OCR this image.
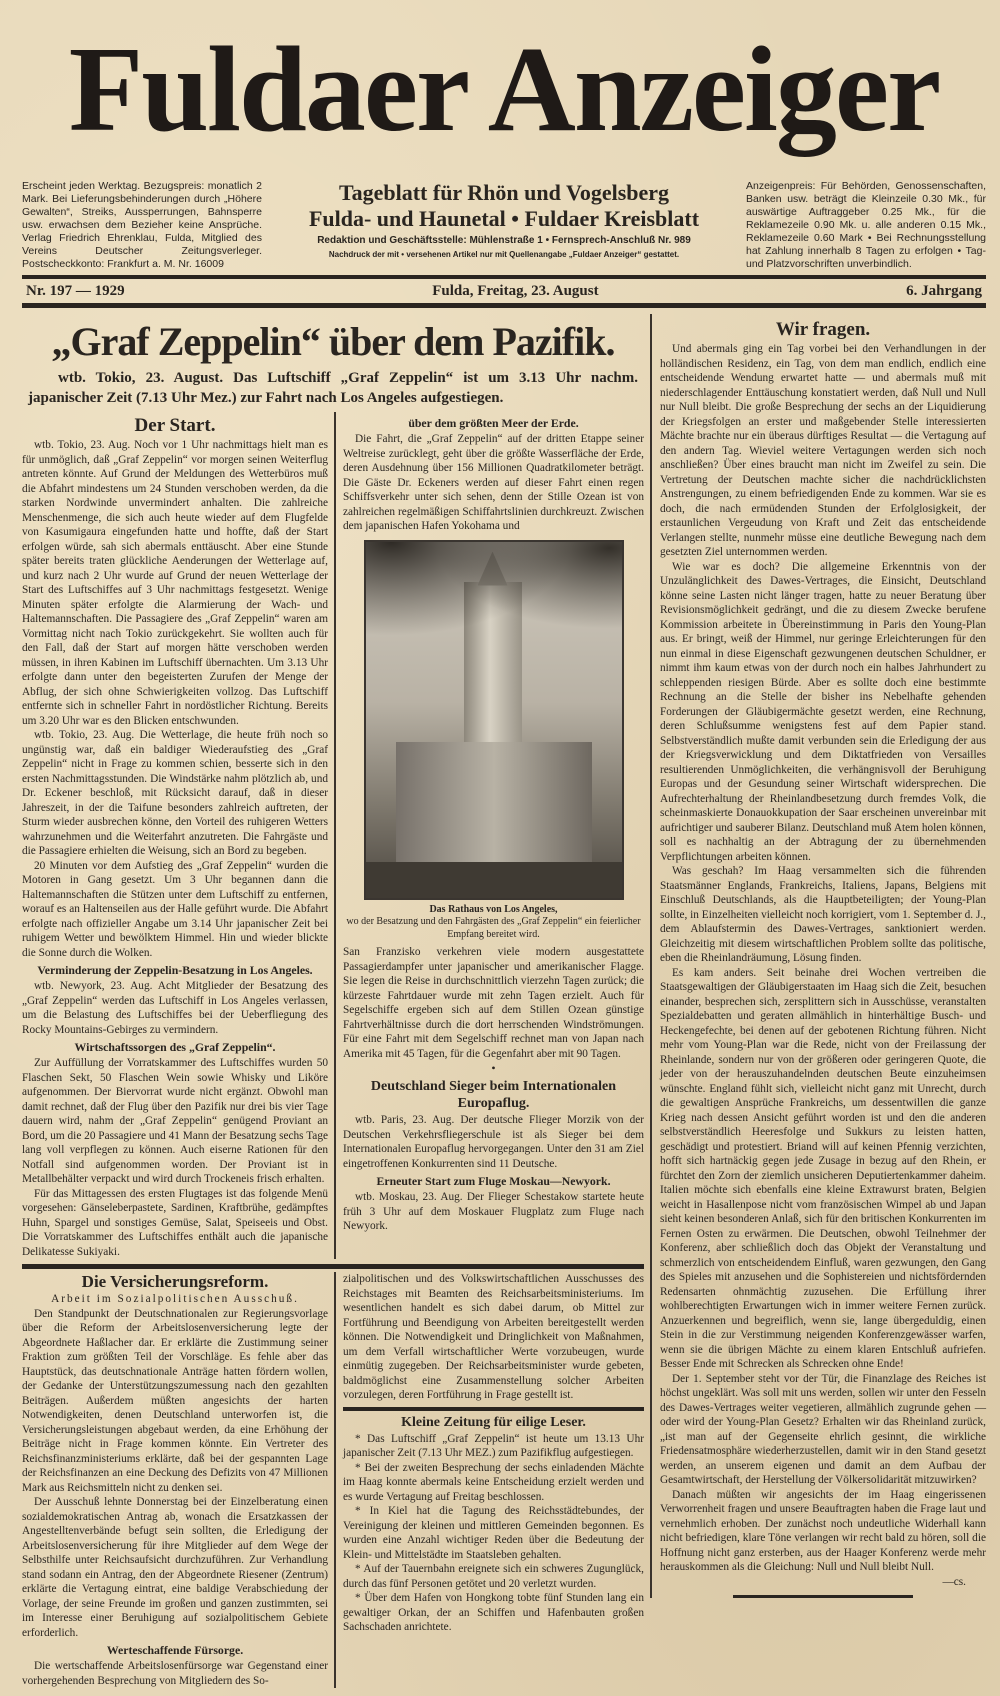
Fuldaer Anzeiger
Erscheint jeden Werktag. Bezugspreis: monatlich 2 Mark. Bei Lieferungsbehinderungen durch „Höhere Gewalten“, Streiks, Aussperrungen, Bahnsperre usw. erwachsen dem Bezieher keine Ansprüche. Verlag Friedrich Ehrenklau, Fulda, Mitglied des Vereins Deutscher Zeitungsverleger. Postscheckkonto: Frankfurt a. M. Nr. 16009
Tageblatt für Rhön und Vogelsberg
Fulda- und Haunetal • Fuldaer Kreisblatt
Redaktion und Geschäftsstelle: Mühlenstraße 1 • Fernsprech-Anschluß Nr. 989
Nachdruck der mit • versehenen Artikel nur mit Quellenangabe „Fuldaer Anzeiger“ gestattet.
Anzeigenpreis: Für Behörden, Genossenschaften, Banken usw. beträgt die Kleinzeile 0.30 Mk., für auswärtige Auftraggeber 0.25 Mk., für die Reklamezeile 0.90 Mk. u. alle anderen 0.15 Mk., Reklamezeile 0.60 Mark • Bei Rechnungsstellung hat Zahlung innerhalb 8 Tagen zu erfolgen • Tag- und Platzvorschriften unverbindlich.
Nr. 197 — 1929	Fulda, Freitag, 23. August	6. Jahrgang
„Graf Zeppelin“ über dem Pazifik.
wtb. Tokio, 23. August. Das Luftschiff „Graf Zeppelin“ ist um 3.13 Uhr nachm. japanischer Zeit (7.13 Uhr Mez.) zur Fahrt nach Los Angeles aufgestiegen.
Der Start.

wtb. Tokio, 23. Aug. Noch vor 1 Uhr nachmittags hielt man es für unmöglich, daß „Graf Zeppelin“ vor morgen seinen Weiterflug antreten könnte. Auf Grund der Meldungen des Wetterbüros muß die Abfahrt mindestens um 24 Stunden verschoben werden, da die starken Nordwinde unvermindert anhalten. Die zahlreiche Menschenmenge, die sich auch heute wieder auf dem Flugfelde von Kasumigaura eingefunden hatte und hoffte, daß der Start erfolgen würde, sah sich abermals enttäuscht. Aber eine Stunde später bereits traten glückliche Aenderungen der Wetterlage auf, und kurz nach 2 Uhr wurde auf Grund der neuen Wetterlage der Start des Luftschiffes auf 3 Uhr nachmittags festgesetzt. Wenige Minuten später erfolgte die Alarmierung der Wach- und Haltemannschaften. Die Passagiere des „Graf Zeppelin“ waren am Vormittag nicht nach Tokio zurückgekehrt. Sie wollten auch für den Fall, daß der Start auf morgen hätte verschoben werden müssen, in ihren Kabinen im Luftschiff übernachten. Um 3.13 Uhr erfolgte dann unter den begeisterten Zurufen der Menge der Abflug, der sich ohne Schwierigkeiten vollzog. Das Luftschiff entfernte sich in schneller Fahrt in nordöstlicher Richtung. Bereits um 3.20 Uhr war es den Blicken entschwunden.

wtb. Tokio, 23. Aug. Die Wetterlage, die heute früh noch so ungünstig war, daß ein baldiger Wiederaufstieg des „Graf Zeppelin“ nicht in Frage zu kommen schien, besserte sich in den ersten Nachmittagsstunden. Die Windstärke nahm plötzlich ab, und Dr. Eckener beschloß, mit Rücksicht darauf, daß in dieser Jahreszeit, in der die Taifune besonders zahlreich auftreten, der Sturm wieder ausbrechen könne, den Vorteil des ruhigeren Wetters wahrzunehmen und die Weiterfahrt anzutreten. Die Fahrgäste und die Passagiere erhielten die Weisung, sich an Bord zu begeben.

20 Minuten vor dem Aufstieg des „Graf Zeppelin“ wurden die Motoren in Gang gesetzt. Um 3 Uhr begannen dann die Haltemannschaften die Stützen unter dem Luftschiff zu entfernen, worauf es an Haltenseilen aus der Halle geführt wurde. Die Abfahrt erfolgte nach offizieller Angabe um 3.14 Uhr japanischer Zeit bei ruhigem Wetter und bewölktem Himmel. Hin und wieder blickte die Sonne durch die Wolken.

Verminderung der Zeppelin-Besatzung in Los Angeles.

wtb. Newyork, 23. Aug. Acht Mitglieder der Besatzung des „Graf Zeppelin“ werden das Luftschiff in Los Angeles verlassen, um die Belastung des Luftschiffes bei der Ueberfliegung des Rocky Mountains-Gebirges zu vermindern.

Wirtschaftssorgen des „Graf Zeppelin“.

Zur Auffüllung der Vorratskammer des Luftschiffes wurden 50 Flaschen Sekt, 50 Flaschen Wein sowie Whisky und Liköre aufgenommen. Der Biervorrat wurde nicht ergänzt. Obwohl man damit rechnet, daß der Flug über den Pazifik nur drei bis vier Tage dauern wird, nahm der „Graf Zeppelin“ genügend Proviant an Bord, um die 20 Passagiere und 41 Mann der Besatzung sechs Tage lang voll verpflegen zu können. Auch eiserne Rationen für den Notfall sind aufgenommen worden. Der Proviant ist in Metallbehälter verpackt und wird durch Trockeneis frisch erhalten.

Für das Mittagessen des ersten Flugtages ist das folgende Menü vorgesehen: Gänseleberpastete, Sardinen, Kraftbrühe, gedämpftes Huhn, Spargel und sonstiges Gemüse, Salat, Speiseeis und Obst. Die Vorratskammer des Luftschiffes enthält auch die japanische Delikatesse Sukiyaki.

über dem größten Meer der Erde.

Die Fahrt, die „Graf Zeppelin“ auf der dritten Etappe seiner Weltreise zurücklegt, geht über die größte Wasserfläche der Erde, deren Ausdehnung über 156 Millionen Quadratkilometer beträgt. Die Gäste Dr. Eckeners werden auf dieser Fahrt einen regen Schiffsverkehr unter sich sehen, denn der Stille Ozean ist von zahlreichen regelmäßigen Schiffahrtslinien durchkreuzt. Zwischen dem japanischen Hafen Yokohama und

Das Rathaus von Los Angeles,
wo der Besatzung und den Fahrgästen des „Graf Zeppelin“ ein feierlicher Empfang bereitet wird.

San Franzisko verkehren viele modern ausgestattete Passagierdampfer unter japanischer und amerikanischer Flagge. Sie legen die Reise in durchschnittlich vierzehn Tagen zurück; die kürzeste Fahrtdauer wurde mit zehn Tagen erzielt. Auch für Segelschiffe ergeben sich auf dem Stillen Ozean günstige Fahrtverhältnisse durch die dort herrschenden Windströmungen. Für eine Fahrt mit dem Segelschiff rechnet man von Japan nach Amerika mit 45 Tagen, für die Gegenfahrt aber mit 90 Tagen.

•
Deutschland Sieger beim Internationalen Europaflug.

wtb. Paris, 23. Aug. Der deutsche Flieger Morzik von der Deutschen Verkehrsfliegerschule ist als Sieger bei dem Internationalen Europaflug hervorgegangen. Unter den 31 am Ziel eingetroffenen Konkurrenten sind 11 Deutsche.

Erneuter Start zum Fluge Moskau—Newyork.

wtb. Moskau, 23. Aug. Der Flieger Schestakow startete heute früh 3 Uhr auf dem Moskauer Flugplatz zum Fluge nach Newyork.

Die Versicherungsreform.
Arbeit im Sozialpolitischen Ausschuß.

Den Standpunkt der Deutschnationalen zur Regierungsvorlage über die Reform der Arbeitslosenversicherung legte der Abgeordnete Haßlacher dar. Er erklärte die Zustimmung seiner Fraktion zum größten Teil der Vorschläge. Es fehle aber das Hauptstück, das deutschnationale Anträge hatten fördern wollen, der Gedanke der Unterstützungszumessung nach den gezahlten Beiträgen. Außerdem müßten angesichts der harten Notwendigkeiten, denen Deutschland unterworfen ist, die Versicherungsleistungen abgebaut werden, da eine Erhöhung der Beiträge nicht in Frage kommen könnte. Ein Vertreter des Reichsfinanzministeriums erklärte, daß bei der gespannten Lage der Reichsfinanzen an eine Deckung des Defizits von 47 Millionen Mark aus Reichsmitteln nicht zu denken sei.

Der Ausschuß lehnte Donnerstag bei der Einzelberatung einen sozialdemokratischen Antrag ab, wonach die Ersatzkassen der Angestelltenverbände befugt sein sollten, die Erledigung der Arbeitslosenversicherung für ihre Mitglieder auf dem Wege der Selbsthilfe unter Reichsaufsicht durchzuführen. Zur Verhandlung stand sodann ein Antrag, den der Abgeordnete Riesener (Zentrum) erklärte die Vertagung eintrat, eine baldige Verabschiedung der Vorlage, der seine Freunde im großen und ganzen zustimmten, sei im Interesse einer Beruhigung auf sozialpolitischem Gebiete erforderlich.

Werteschaffende Fürsorge.

Die wertschaffende Arbeitslosenfürsorge war Gegenstand einer vorhergehenden Besprechung von Mitgliedern des So-

zialpolitischen und des Volkswirtschaftlichen Ausschusses des Reichstages mit Beamten des Reichsarbeitsministeriums. Im wesentlichen handelt es sich dabei darum, ob Mittel zur Fortführung und Beendigung von Arbeiten bereitgestellt werden können. Die Notwendigkeit und Dringlichkeit von Maßnahmen, um dem Verfall wirtschaftlicher Werte vorzubeugen, wurde einmütig zugegeben. Der Reichsarbeitsminister wurde gebeten, baldmöglichst eine Zusammenstellung solcher Arbeiten vorzulegen, deren Fortführung in Frage gestellt ist.

Kleine Zeitung für eilige Leser.

* Das Luftschiff „Graf Zeppelin“ ist heute um 13.13 Uhr japanischer Zeit (7.13 Uhr MEZ.) zum Pazifikflug aufgestiegen.

* Bei der zweiten Besprechung der sechs einladenden Mächte im Haag konnte abermals keine Entscheidung erzielt werden und es wurde Vertagung auf Freitag beschlossen.

* In Kiel hat die Tagung des Reichsstädtebundes, der Vereinigung der kleinen und mittleren Gemeinden begonnen. Es wurden eine Anzahl wichtiger Reden über die Bedeutung der Klein- und Mittelstädte im Staatsleben gehalten.

* Auf der Tauernbahn ereignete sich ein schweres Zugunglück, durch das fünf Personen getötet und 20 verletzt wurden.

* Über dem Hafen von Hongkong tobte fünf Stunden lang ein gewaltiger Orkan, der an Schiffen und Hafenbauten großen Sachschaden anrichtete.

Wir fragen.

Und abermals ging ein Tag vorbei bei den Verhandlungen in der holländischen Residenz, ein Tag, von dem man endlich, endlich eine entscheidende Wendung erwartet hatte — und abermals muß mit niederschlagender Enttäuschung konstatiert werden, daß Null und Null nur Null bleibt. Die große Besprechung der sechs an der Liquidierung der Kriegsfolgen an erster und maßgebender Stelle interessierten Mächte brachte nur ein überaus dürftiges Resultat — die Vertagung auf den andern Tag. Wieviel weitere Vertagungen werden sich noch anschließen? Über eines braucht man nicht im Zweifel zu sein. Die Vertretung der Deutschen machte sicher die nachdrücklichsten Anstrengungen, zu einem befriedigenden Ende zu kommen. War sie es doch, die nach ermüdenden Stunden der Erfolglosigkeit, der erstaunlichen Vergeudung von Kraft und Zeit das entscheidende Verlangen stellte, nunmehr müsse eine deutliche Bewegung nach dem gesetzten Ziel unternommen werden.

Wie war es doch? Die allgemeine Erkenntnis von der Unzulänglichkeit des Dawes-Vertrages, die Einsicht, Deutschland könne seine Lasten nicht länger tragen, hatte zu neuer Beratung über Revisionsmöglichkeit gedrängt, und die zu diesem Zwecke berufene Kommission arbeitete in Übereinstimmung in Paris den Young-Plan aus. Er bringt, weiß der Himmel, nur geringe Erleichterungen für den nun einmal in diese Eigenschaft gezwungenen deutschen Schuldner, er nimmt ihm kaum etwas von der durch noch ein halbes Jahrhundert zu schleppenden riesigen Bürde. Aber es sollte doch eine bestimmte Rechnung an die Stelle der bisher ins Nebelhafte gehenden Forderungen der Gläubigermächte gesetzt werden, eine Rechnung, deren Schlußsumme wenigstens fest auf dem Papier stand. Selbstverständlich mußte damit verbunden sein die Erledigung der aus der Kriegsverwicklung und dem Diktatfrieden von Versailles resultierenden Unmöglichkeiten, die verhängnisvoll der Beruhigung Europas und der Gesundung seiner Wirtschaft widersprechen. Die Aufrechterhaltung der Rheinlandbesetzung durch fremdes Volk, die scheinmaskierte Donauokkupation der Saar erscheinen unvereinbar mit aufrichtiger und sauberer Bilanz. Deutschland muß Atem holen können, soll es nachhaltig an der Abtragung der zu übernehmenden Verpflichtungen arbeiten können.

Was geschah? Im Haag versammelten sich die führenden Staatsmänner Englands, Frankreichs, Italiens, Japans, Belgiens mit Einschluß Deutschlands, als die Hauptbeteiligten; der Young-Plan sollte, in Einzelheiten vielleicht noch korrigiert, vom 1. September d. J., dem Ablaufstermin des Dawes-Vertrages, sanktioniert werden. Gleichzeitig mit diesem wirtschaftlichen Problem sollte das politische, eben die Rheinlandräumung, Lösung finden.

Es kam anders. Seit beinahe drei Wochen vertreiben die Staatsgewaltigen der Gläubigerstaaten im Haag sich die Zeit, besuchen einander, besprechen sich, zersplittern sich in Ausschüsse, veranstalten Spezialdebatten und geraten allmählich in hinterhältige Busch- und Heckengefechte, bei denen auf der gebotenen Richtung führen. Nicht mehr vom Young-Plan war die Rede, nicht von der Freilassung der Rheinlande, sondern nur von der größeren oder geringeren Quote, die jeder von der herauszuhandelnden deutschen Beute einzuheimsen wünschte. England fühlt sich, vielleicht nicht ganz mit Unrecht, durch die gewaltigen Ansprüche Frankreichs, um dessentwillen die ganze Krieg nach dessen Ansicht geführt worden ist und den die anderen selbstverständlich Heeresfolge und Sukkurs zu leisten hatten, geschädigt und protestiert. Briand will auf keinen Pfennig verzichten, hofft sich hartnäckig gegen jede Zusage in bezug auf den Rhein, er fürchtet den Zorn der ziemlich unsicheren Deputiertenkammer daheim. Italien möchte sich ebenfalls eine kleine Extrawurst braten, Belgien weicht in Hasallenpose nicht vom französischen Wimpel ab und Japan sieht keinen besonderen Anlaß, sich für den britischen Konkurrenten im Fernen Osten zu erwärmen. Die Deutschen, obwohl Teilnehmer der Konferenz, aber schließlich doch das Objekt der Veranstaltung und schmerzlich von entscheidendem Einfluß, waren gezwungen, den Gang des Spieles mit anzusehen und die Sophistereien und nichtsfördernden Redensarten ohnmächtig zuzusehen. Die Erfüllung ihrer wohlberechtigten Erwartungen wich in immer weitere Fernen zurück. Anzuerkennen und begreiflich, wenn sie, lange übergeduldig, einen Stein in die zur Verstimmung neigenden Konferenzgewässer warfen, wenn sie die übrigen Mächte zu einem klaren Entschluß aufriefen. Besser Ende mit Schrecken als Schrecken ohne Ende!

Der 1. September steht vor der Tür, die Finanzlage des Reiches ist höchst ungeklärt. Was soll mit uns werden, sollen wir unter den Fesseln des Dawes-Vertrages weiter vegetieren, allmählich zugrunde gehen — oder wird der Young-Plan Gesetz? Erhalten wir das Rheinland zurück, „ist man auf der Gegenseite ehrlich gesinnt, die wirkliche Friedensatmosphäre wiederherzustellen, damit wir in den Stand gesetzt werden, an unserem eigenen und damit an dem Aufbau der Gesamtwirtschaft, der Herstellung der Völkersolidarität mitzuwirken?

Danach müßten wir angesichts der im Haag eingerissenen Verworrenheit fragen und unsere Beauftragten haben die Frage laut und vernehmlich erhoben. Der zunächst noch undeutliche Widerhall kann nicht befriedigen, klare Töne verlangen wir recht bald zu hören, soll die Hoffnung nicht ganz ersterben, aus der Haager Konferenz werde mehr herauskommen als die Gleichung: Null und Null bleibt Null.

—cs.
